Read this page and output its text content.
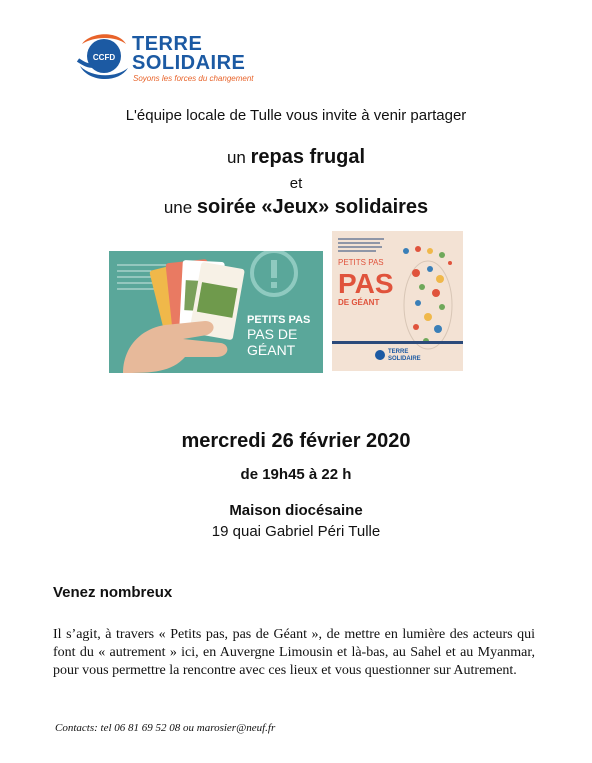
CCFD
TERRE
SOLIDAIRE
Soyons les forces du changement
L'équipe locale de Tulle vous invite à venir partager
un repas frugal
et
une soirée «Jeux» solidaires
PETITS PAS
PAS DE
GÉANT
PETITS PAS
PAS
DE GÉANT
TERRE
SOLIDAIRE
mercredi 26 février 2020
de 19h45 à 22 h
Maison diocésaine
19 quai Gabriel Péri Tulle
Venez nombreux
Il s’agit, à travers « Petits pas, pas de Géant », de mettre en lumière des acteurs qui font du « autrement » ici, en Auvergne Limousin et là-bas, au Sahel et au Myanmar, pour vous permettre la rencontre avec ces lieux et vous questionner sur Autrement.
Contacts: tel 06 81 69 52 08 ou marosier@neuf.fr
